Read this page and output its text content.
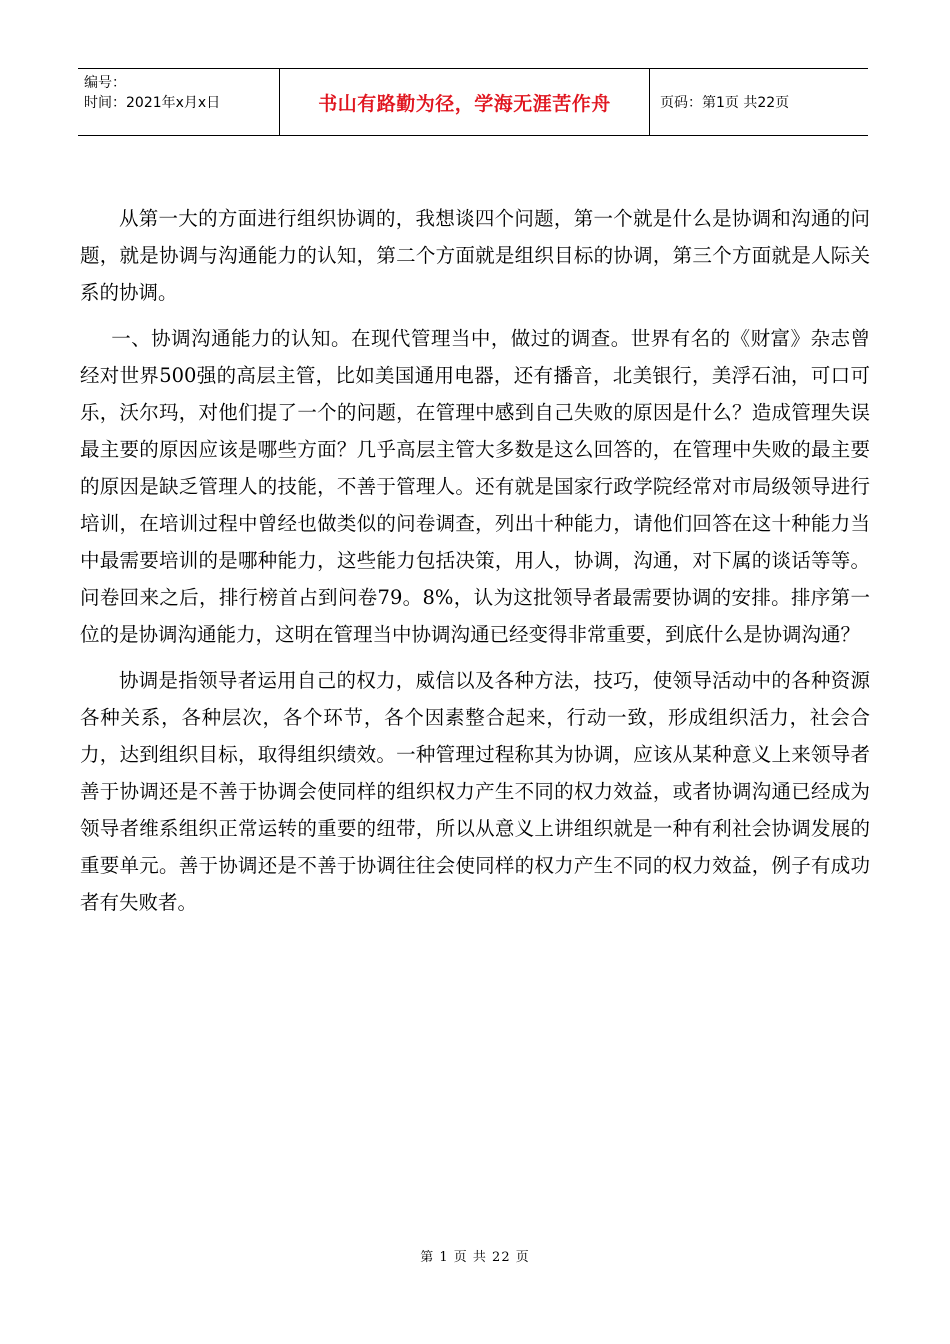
编号：
时间：2021年x月x日	书山有路勤为径，学海无涯苦作舟	页码：第1页 共22页

从第一大的方面进行组织协调的，我想谈四个问题，第一个就是什么是协调和沟通的问题，就是协调与沟通能力的认知，第二个方面就是组织目标的协调，第三个方面就是人际关系的协调。

一、协调沟通能力的认知。在现代管理当中，做过的调查。世界有名的《财富》杂志曾经对世界500强的高层主管，比如美国通用电器，还有播音，北美银行，美浮石油，可口可乐，沃尔玛，对他们提了一个的问题，在管理中感到自己失败的原因是什么？造成管理失误最主要的原因应该是哪些方面？几乎高层主管大多数是这么回答的，在管理中失败的最主要的原因是缺乏管理人的技能，不善于管理人。还有就是国家行政学院经常对市局级领导进行培训，在培训过程中曾经也做类似的问卷调查，列出十种能力，请他们回答在这十种能力当中最需要培训的是哪种能力，这些能力包括决策，用人，协调，沟通，对下属的谈话等等。问卷回来之后，排行榜首占到问卷79。8%，认为这批领导者最需要协调的安排。排序第一位的是协调沟通能力，这明在管理当中协调沟通已经变得非常重要，到底什么是协调沟通？

协调是指领导者运用自己的权力，威信以及各种方法，技巧，使领导活动中的各种资源各种关系，各种层次，各个环节，各个因素整合起来，行动一致，形成组织活力，社会合力，达到组织目标，取得组织绩效。一种管理过程称其为协调，应该从某种意义上来领导者善于协调还是不善于协调会使同样的组织权力产生不同的权力效益，或者协调沟通已经成为领导者维系组织正常运转的重要的纽带，所以从意义上讲组织就是一种有利社会协调发展的重要单元。善于协调还是不善于协调往往会使同样的权力产生不同的权力效益，例子有成功者有失败者。

第 1 页 共 22 页
